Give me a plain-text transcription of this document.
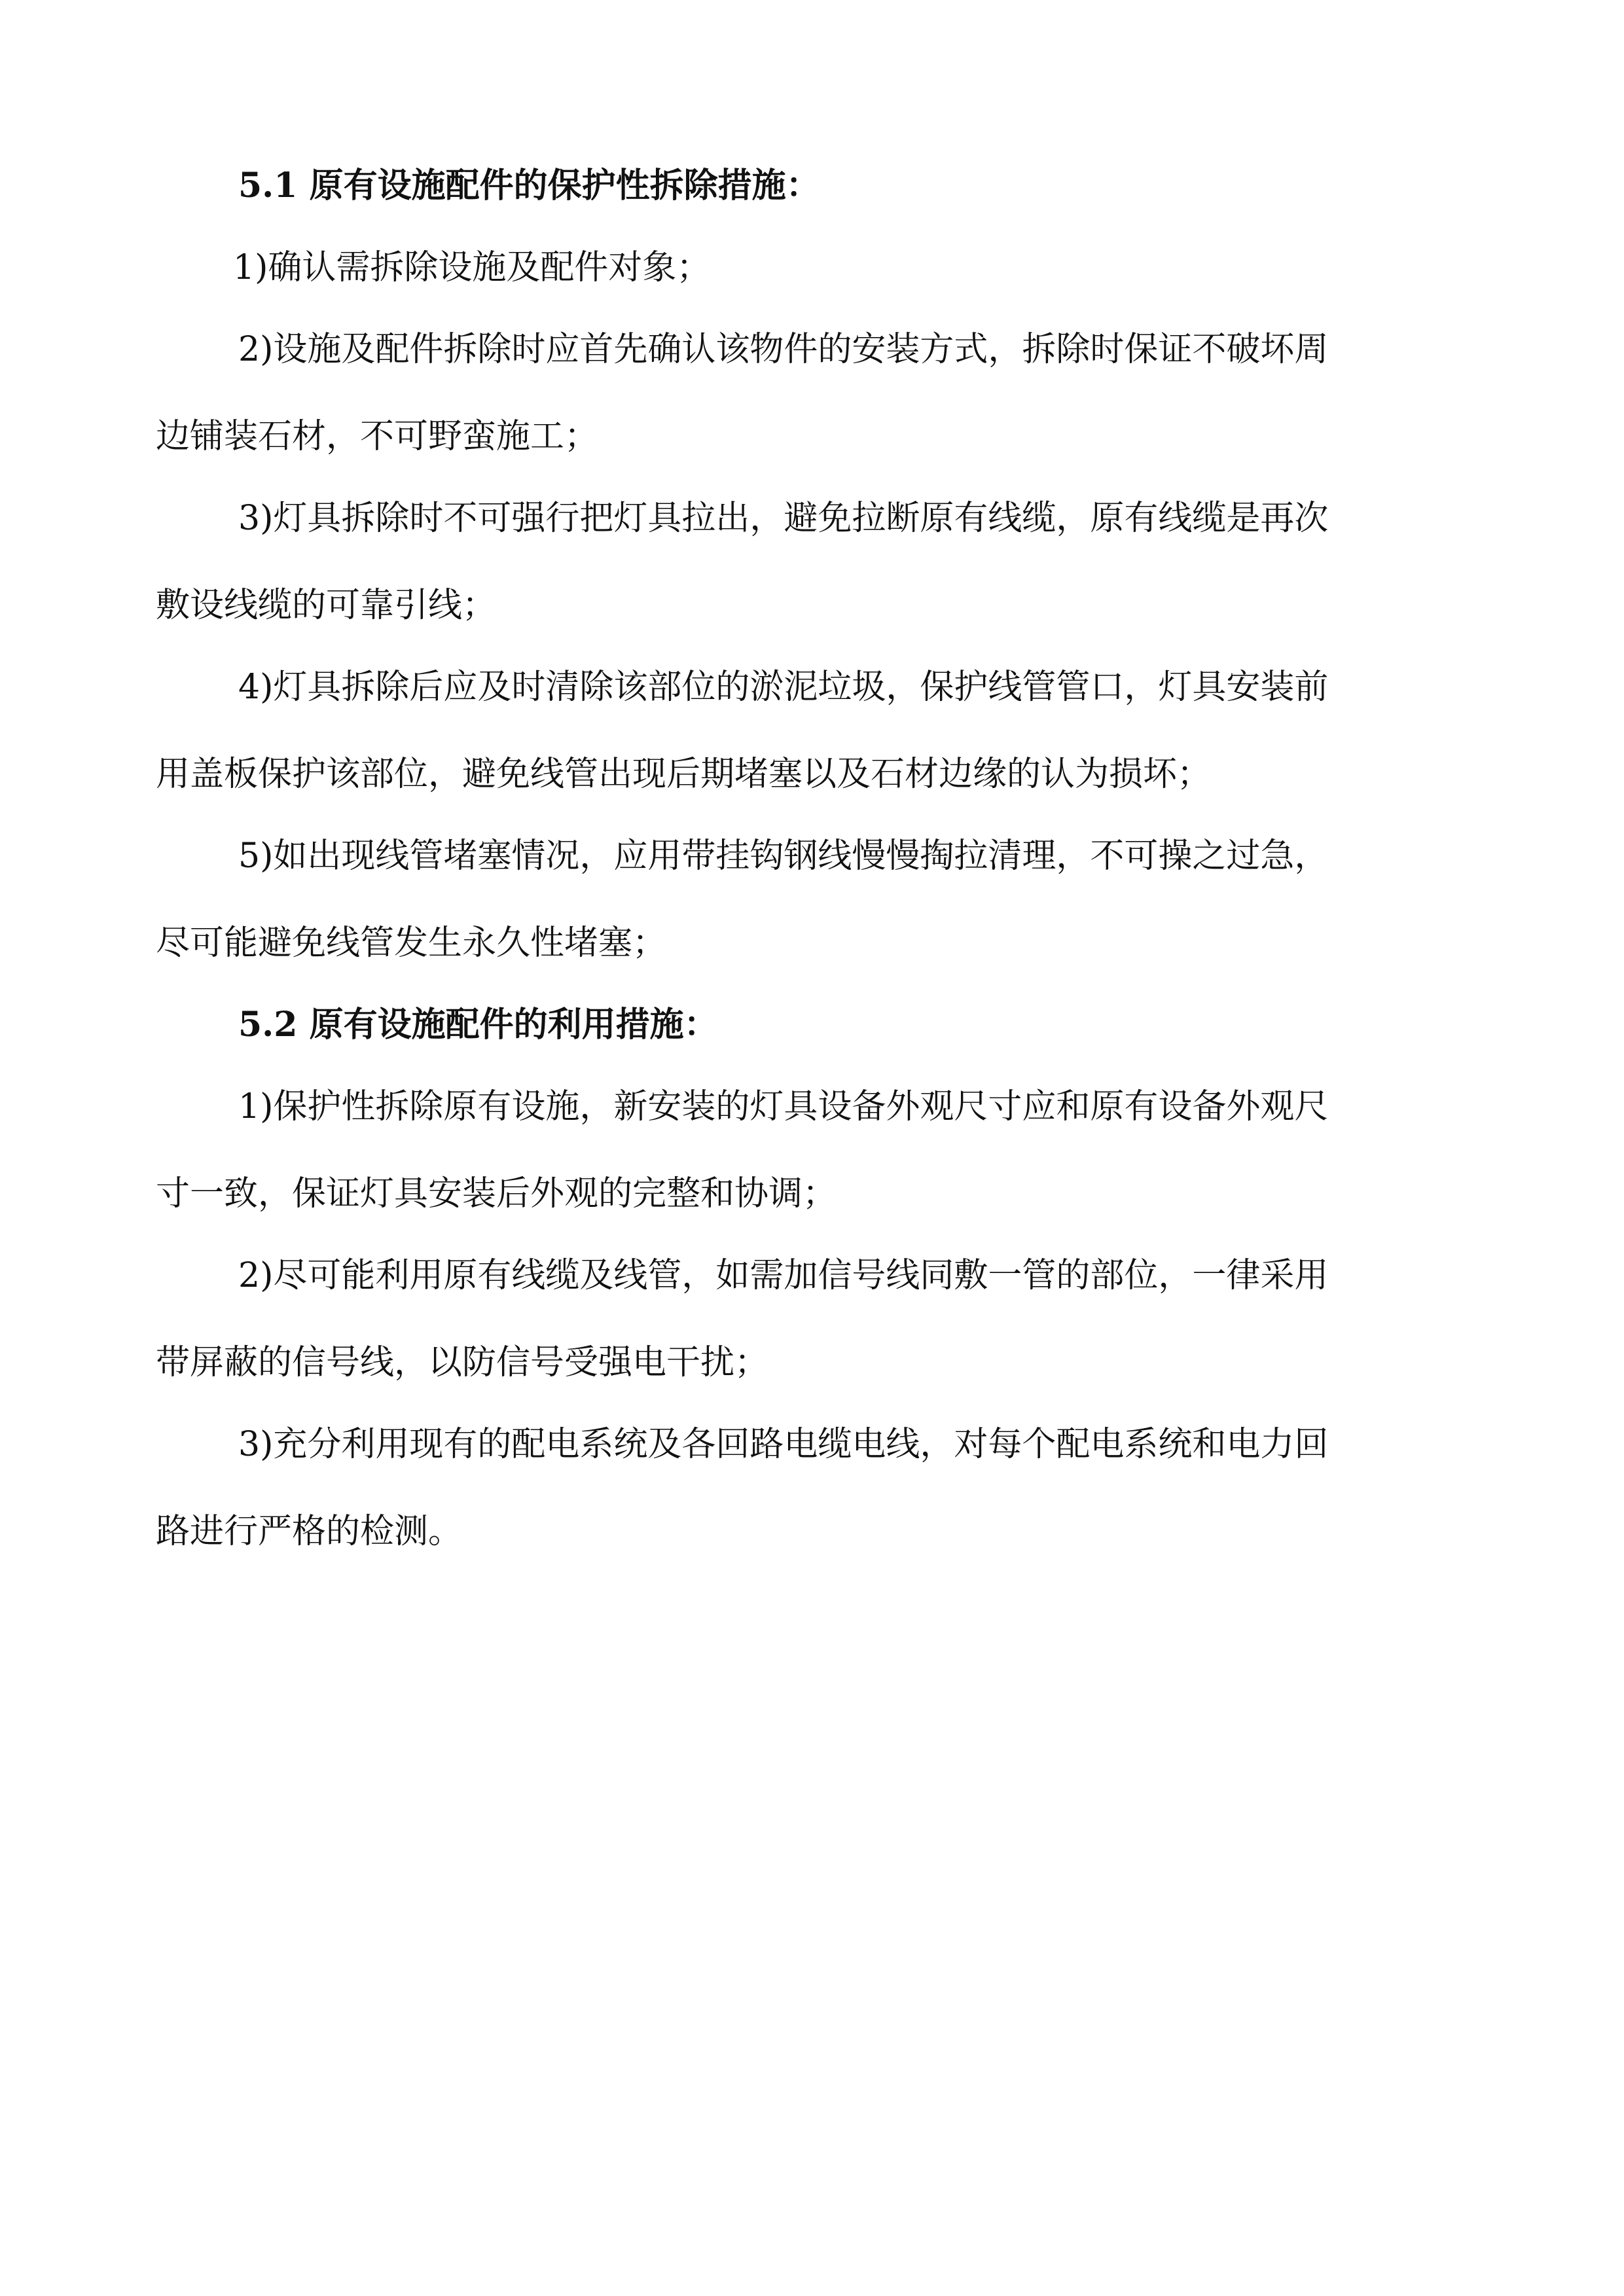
5.1 原有设施配件的保护性拆除措施：
1)确认需拆除设施及配件对象；
2)设施及配件拆除时应首先确认该物件的安装方式，拆除时保证不破坏周
边铺装石材，不可野蛮施工；
3)灯具拆除时不可强行把灯具拉出，避免拉断原有线缆，原有线缆是再次
敷设线缆的可靠引线；
4)灯具拆除后应及时清除该部位的淤泥垃圾，保护线管管口，灯具安装前
用盖板保护该部位，避免线管出现后期堵塞以及石材边缘的认为损坏；
5)如出现线管堵塞情况，应用带挂钩钢线慢慢掏拉清理，不可操之过急，
尽可能避免线管发生永久性堵塞；
5.2 原有设施配件的利用措施：
1)保护性拆除原有设施，新安装的灯具设备外观尺寸应和原有设备外观尺
寸一致，保证灯具安装后外观的完整和协调；
2)尽可能利用原有线缆及线管，如需加信号线同敷一管的部位，一律采用
带屏蔽的信号线，以防信号受强电干扰；
3)充分利用现有的配电系统及各回路电缆电线，对每个配电系统和电力回
路进行严格的检测。
